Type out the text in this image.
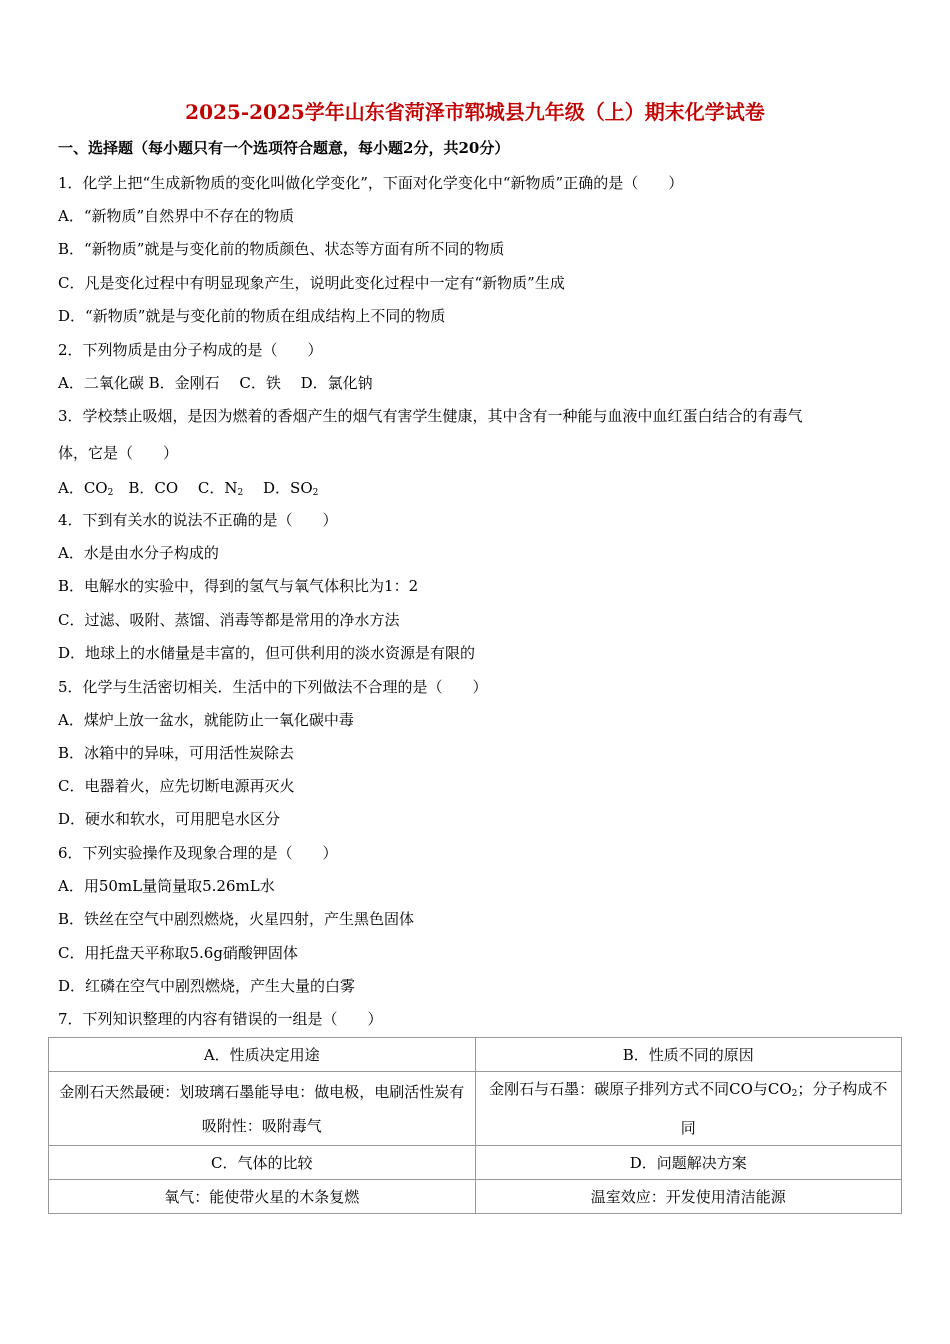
2025-2025学年山东省菏泽市郓城县九年级（上）期末化学试卷
一、选择题（每小题只有一个选项符合题意，每小题2分，共20分）
1．化学上把“生成新物质的变化叫做化学变化”，下面对化学变化中“新物质”正确的是（　　）
A．“新物质”自然界中不存在的物质
B．“新物质”就是与变化前的物质颜色、状态等方面有所不同的物质
C．凡是变化过程中有明显现象产生，说明此变化过程中一定有“新物质”生成
D．“新物质”就是与变化前的物质在组成结构上不同的物质
2．下列物质是由分子构成的是（　　）
A．二氧化碳 B．金刚石　 C．铁　 D．氯化钠
3．学校禁止吸烟，是因为燃着的香烟产生的烟气有害学生健康，其中含有一种能与血液中血红蛋白结合的有毒气
体，它是（　　）
A．$CO_2$　B．CO　 C．$N_2$　 D．$SO_2$
4．下到有关水的说法不正确的是（　　）
A．水是由水分子构成的
B．电解水的实验中，得到的氢气与氧气体积比为1：2
C．过滤、吸附、蒸馏、消毒等都是常用的净水方法
D．地球上的水储量是丰富的，但可供利用的淡水资源是有限的
5．化学与生活密切相关．生活中的下列做法不合理的是（　　）
A．煤炉上放一盆水，就能防止一氧化碳中毒
B．冰箱中的异味，可用活性炭除去
C．电器着火，应先切断电源再灭火
D．硬水和软水，可用肥皂水区分
6．下列实验操作及现象合理的是（　　）
A．用50mL量筒量取5.26mL水
B．铁丝在空气中剧烈燃烧，火星四射，产生黑色固体
C．用托盘天平称取5.6g硝酸钾固体
D．红磷在空气中剧烈燃烧，产生大量的白雾
7．下列知识整理的内容有错误的一组是（　　）
A．性质决定用途	B．性质不同的原因
金刚石天然最硬：划玻璃石墨能导电：做电极，电刷活性炭有吸附性：吸附毒气	金刚石与石墨：碳原子排列方式不同CO与$CO_2$；分子构成不同
C．气体的比较	D．问题解决方案
氧气：能使带火星的木条复燃	温室效应：开发使用清洁能源
